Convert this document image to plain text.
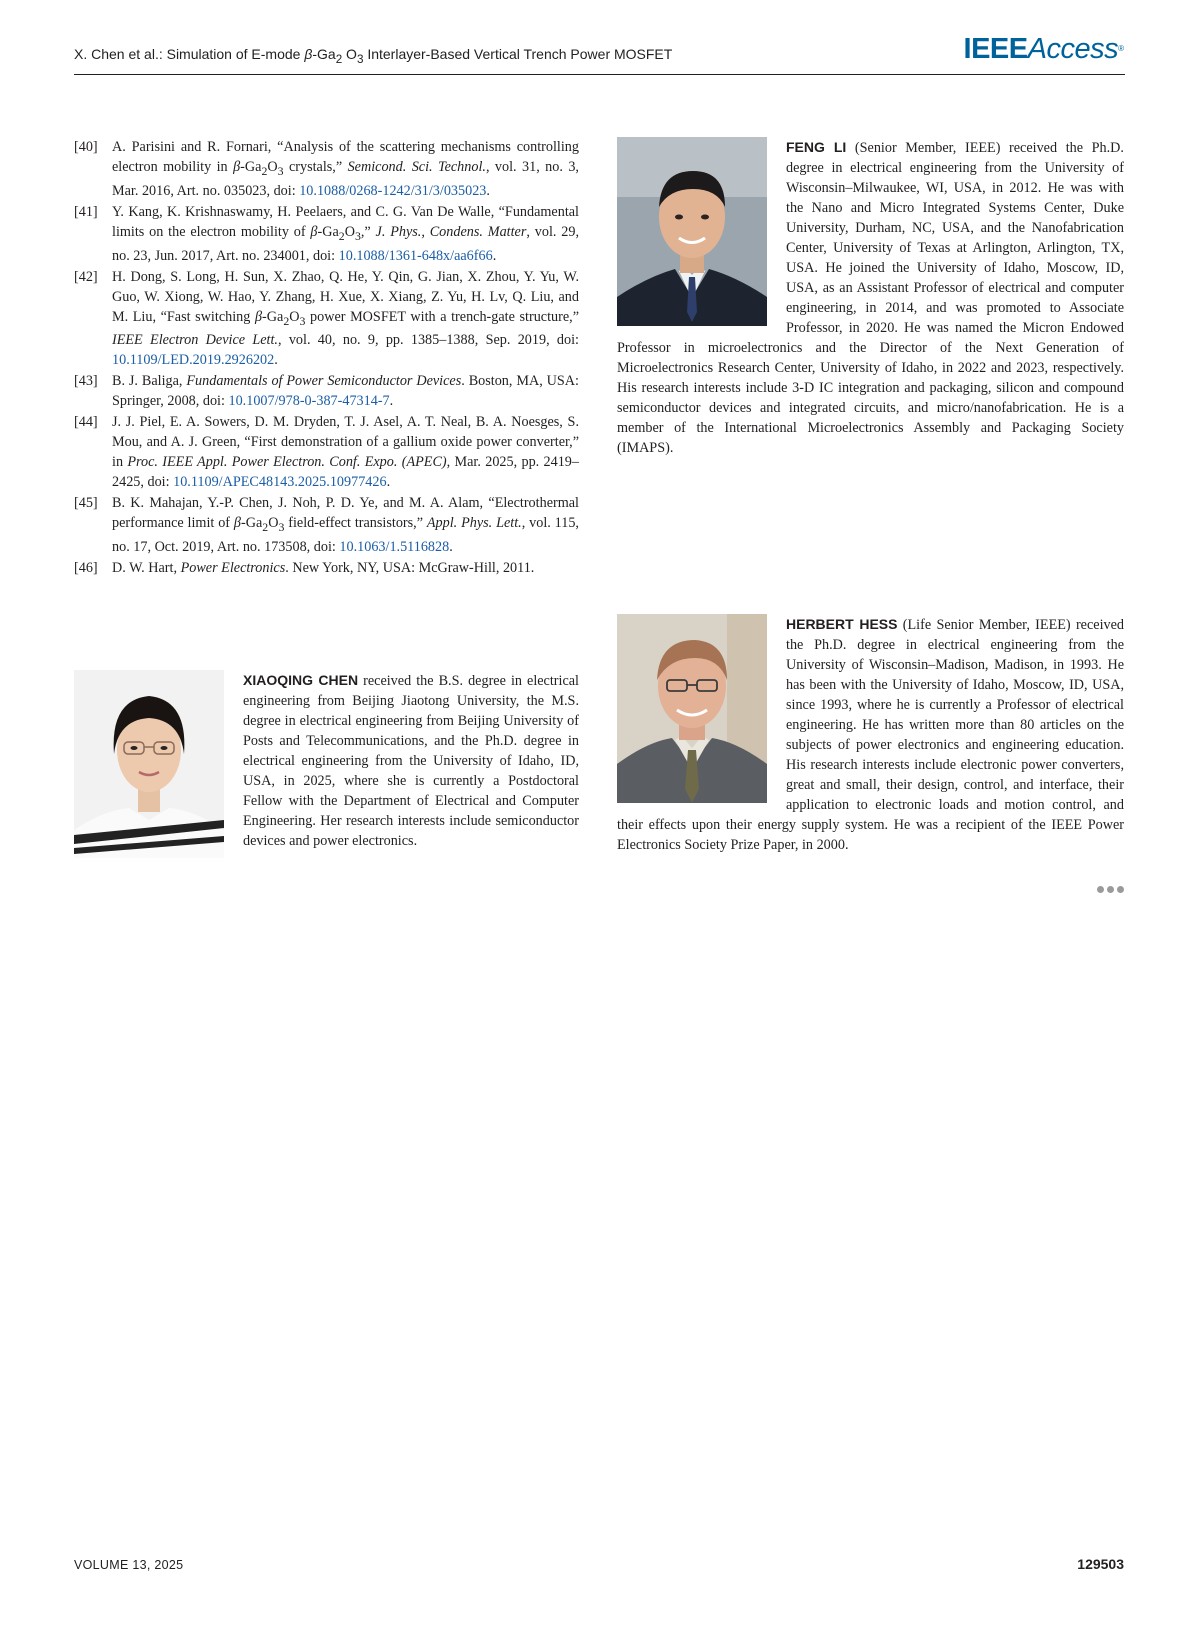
X. Chen et al.: Simulation of E-mode $\beta-Ga_2$ $O_3$ Interlayer-Based Vertical Trench Power MOSFET	IEEEAccess®
[40] A. Parisini and R. Fornari, “Analysis of the scattering mechanisms controlling electron mobility in $\beta-Ga_2O_3$ crystals,” Semicond. Sci. Technol., vol. 31, no. 3, Mar. 2016, Art. no. 035023, doi: 10.1088/0268-1242/31/3/035023.
[41] Y. Kang, K. Krishnaswamy, H. Peelaers, and C. G. Van De Walle, “Fundamental limits on the electron mobility of $\beta-Ga_2O_3$,” J. Phys., Condens. Matter, vol. 29, no. 23, Jun. 2017, Art. no. 234001, doi: 10.1088/1361-648x/aa6f66.
[42] H. Dong, S. Long, H. Sun, X. Zhao, Q. He, Y. Qin, G. Jian, X. Zhou, Y. Yu, W. Guo, W. Xiong, W. Hao, Y. Zhang, H. Xue, X. Xiang, Z. Yu, H. Lv, Q. Liu, and M. Liu, “Fast switching $\beta-Ga_2O_3$ power MOSFET with a trench-gate structure,” IEEE Electron Device Lett., vol. 40, no. 9, pp. 1385–1388, Sep. 2019, doi: 10.1109/LED.2019.2926202.
[43] B. J. Baliga, Fundamentals of Power Semiconductor Devices. Boston, MA, USA: Springer, 2008, doi: 10.1007/978-0-387-47314-7.
[44] J. J. Piel, E. A. Sowers, D. M. Dryden, T. J. Asel, A. T. Neal, B. A. Noesges, S. Mou, and A. J. Green, “First demonstration of a gallium oxide power converter,” in Proc. IEEE Appl. Power Electron. Conf. Expo. (APEC), Mar. 2025, pp. 2419–2425, doi: 10.1109/APEC48143.2025.10977426.
[45] B. K. Mahajan, Y.-P. Chen, J. Noh, P. D. Ye, and M. A. Alam, “Electrothermal performance limit of $\beta-Ga_2O_3$ field-effect transistors,” Appl. Phys. Lett., vol. 115, no. 17, Oct. 2019, Art. no. 173508, doi: 10.1063/1.5116828.
[46] D. W. Hart, Power Electronics. New York, NY, USA: McGraw-Hill, 2011.
FENG LI (Senior Member, IEEE) received the Ph.D. degree in electrical engineering from the University of Wisconsin–Milwaukee, WI, USA, in 2012. He was with the Nano and Micro Integrated Systems Center, Duke University, Durham, NC, USA, and the Nanofabrication Center, University of Texas at Arlington, Arlington, TX, USA. He joined the University of Idaho, Moscow, ID, USA, as an Assistant Professor of electrical and computer engineering, in 2014, and was promoted to Associate Professor, in 2020. He was named the Micron Endowed Professor in microelectronics and the Director of the Next Generation of Microelectronics Research Center, University of Idaho, in 2022 and 2023, respectively. His research interests include 3-D IC integration and packaging, silicon and compound semiconductor devices and integrated circuits, and micro/nanofabrication. He is a member of the International Microelectronics Assembly and Packaging Society (IMAPS).
XIAOQING CHEN received the B.S. degree in electrical engineering from Beijing Jiaotong University, the M.S. degree in electrical engineering from Beijing University of Posts and Telecommunications, and the Ph.D. degree in electrical engineering from the University of Idaho, ID, USA, in 2025, where she is currently a Postdoctoral Fellow with the Department of Electrical and Computer Engineering. Her research interests include semiconductor devices and power electronics.
HERBERT HESS (Life Senior Member, IEEE) received the Ph.D. degree in electrical engineering from the University of Wisconsin–Madison, Madison, in 1993. He has been with the University of Idaho, Moscow, ID, USA, since 1993, where he is currently a Professor of electrical engineering. He has written more than 80 articles on the subjects of power electronics and engineering education. His research interests include electronic power converters, great and small, their design, control, and interface, their application to electronic loads and motion control, and their effects upon their energy supply system. He was a recipient of the IEEE Power Electronics Society Prize Paper, in 2000.
VOLUME 13, 2025	129503
